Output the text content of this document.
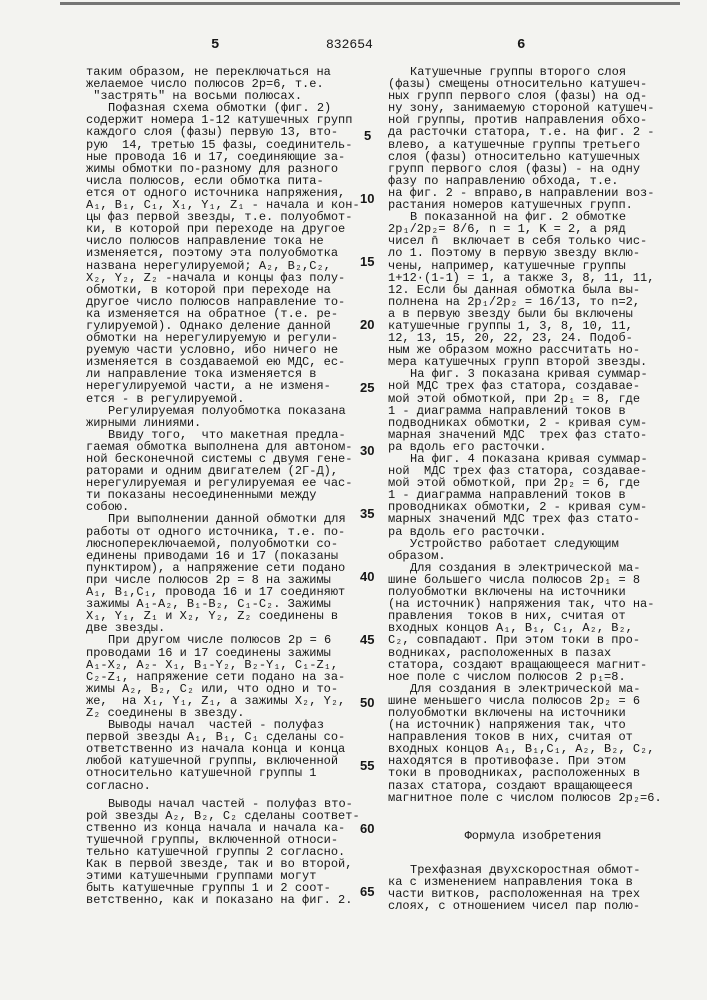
5	832654	6
таким образом, не переключаться на
желаемое число полюсов 2р=6, т.е.
"застрять" на восьми полюсах.
Пофазная схема обмотки (фиг. 2)
содержит номера 1-12 катушечных групп
каждого слоя (фазы) первую 13, вто-
рую  14, третью 15 фазы, соединитель-
ные провода 16 и 17, соединяющие за-
жимы обмотки по-разному для разного
числа полюсов, если обмотка пита-
ется от одного источника напряжения,
A₁, B₁, C₁, X₁, Y₁, Z₁ - начала и кон-
цы фаз первой звезды, т.е. полуобмот-
ки, в которой при переходе на другое
число полюсов направление тока не
изменяется, поэтому эта полуобмотка
названа нерегулируемой; A₂, B₂,C₂,
X₂, Y₂, Z₂ -начала и концы фаз полу-
обмотки, в которой при переходе на
другое число полюсов направление то-
ка изменяется на обратное (т.е. ре-
гулируемой). Однако деление данной
обмотки на нерегулируемую и регули-
руемую части условно, ибо ничего не
изменяется в создаваемой ею МДС, ес-
ли направление тока изменяется в
нерегулируемой части, а не изменя-
ется - в регулируемой.
Регулируемая полуобмотка показана
жирными линиями.
Ввиду того,  что макетная предла-
гаемая обмотка выполнена для автоном-
ной бесконечной системы с двумя гене-
раторами и одним двигателем (2Г-Д),
нерегулируемая и регулируемая ее час-
ти показаны несоединенными между
собою.
При выполнении данной обмотки для
работы от одного источника, т.е. по-
люснопереключаемой, полуобмотки со-
единены приводами 16 и 17 (показаны
пунктиром), а напряжение сети подано
при числе полюсов 2р = 8 на зажимы
A₁, B₁,C₁, провода 16 и 17 соединяют
зажимы A₁-A₂, B₁-B₂, C₁-C₂. Зажимы
X₁, Y₁, Z₁ и X₂, Y₂, Z₂ соединены в
две звезды.
При другом числе полюсов 2р = 6
проводами 16 и 17 соединены зажимы
A₁-X₂, A₂- X₁, B₁-Y₂, B₂-Y₁, C₁-Z₁,
C₂-Z₁, напряжение сети подано на за-
жимы A₂, B₂, C₂ или, что одно и то-
же,  на X₁, Y₁, Z₁, а зажимы X₂, Y₂,
Z₂ соединены в звезду.
Выводы начал  частей - полуфаз
первой звезды A₁, B₁, C₁ сделаны со-
ответственно из начала конца и конца
любой катушечной группы, включенной
относительно катушечной группы 1
согласно.
Выводы начал частей - полуфаз вто-
рой звезды A₂, B₂, C₂ сделаны соответ-
ственно из конца начала и начала ка-
тушечной группы, включенной относи-
тельно катушечной группы 2 согласно.
Как в первой звезде, так и во второй,
этими катушечными группами могут
быть катушечные группы 1 и 2 соот-
ветственно, как и показано на фиг. 2.
Катушечные группы второго слоя
(фазы) смещены относительно катушеч-
ных групп первого слоя (фазы) на од-
ну зону, занимаемую стороной катушеч-
ной группы, против направления обхо-
да расточки статора, т.е. на фиг. 2 -
влево, а катушечные группы третьего
слоя (фазы) относительно катушечных
групп первого слоя (фазы) - на одну
фазу по направлению обхода, т.е.
на фиг. 2 - вправо,в направлении воз-
растания номеров катушечных групп.
В показанной на фиг. 2 обмотке
2p₁/2p₂= 8/6, n = 1, K = 2, а ряд
чисел n̄  включает в себя только чис-
ло 1. Поэтому в первую звезду вклю-
чены, например, катушечные группы
1+12·(1-1) = 1, а также 3, 8, 11, 11,
12. Если бы данная обмотка была вы-
полнена на 2p₁/2p₂ = 16/13, то n=2,
а в первую звезду были бы включены
катушечные группы 1, 3, 8, 10, 11,
12, 13, 15, 20, 22, 23, 24. Подоб-
ным же образом можно рассчитать но-
мера катушечных групп второй звезды.
На фиг. 3 показана кривая суммар-
ной МДС трех фаз статора, создавае-
мой этой обмоткой, при 2p₁ = 8, где
1 - диаграмма направлений токов в
подводниках обмотки, 2 - кривая сум-
марная значений МДС  трех фаз стато-
ра вдоль его расточки.
На фиг. 4 показана кривая суммар-
ной  МДС трех фаз статора, создавае-
мой этой обмоткой, при 2p₂ = 6, где
1 - диаграмма направлений токов в
проводниках обмотки, 2 - кривая сум-
марных значений МДС трех фаз стато-
ра вдоль его расточки.
Устройство работает следующим
образом.
Для создания в электрической ма-
шине большего числа полюсов 2p₁ = 8
полуобмотки включены на источники
(на источник) напряжения так, что на-
правления  токов в них, считая от
входных концов A₁, B₁, C₁, A₂, B₂,
C₂, совпадают. При этом токи в про-
водниках, расположенных в пазах
статора, создают вращающееся магнит-
ное поле с числом полюсов 2 p₁=8.
Для создания в электрической ма-
шине меньшего числа полюсов 2p₂ = 6
полуобмотки включены на источники
(на источник) напряжения так, что
направления токов в них, считая от
входных концов A₁, B₁,C₁, A₂, B₂, C₂,
находятся в противофазе. При этом
токи в проводниках, расположенных в
пазах статора, создают вращающееся
магнитное поле с числом полюсов 2p₂=6.
Формула изобретения
Трехфазная двухскоростная обмот-
ка с изменением направления тока в
части витков, расположенная на трех
слоях, с отношением чисел пар полю-
5
10
15
20
25
30
35
40
45
50
55
60
65
